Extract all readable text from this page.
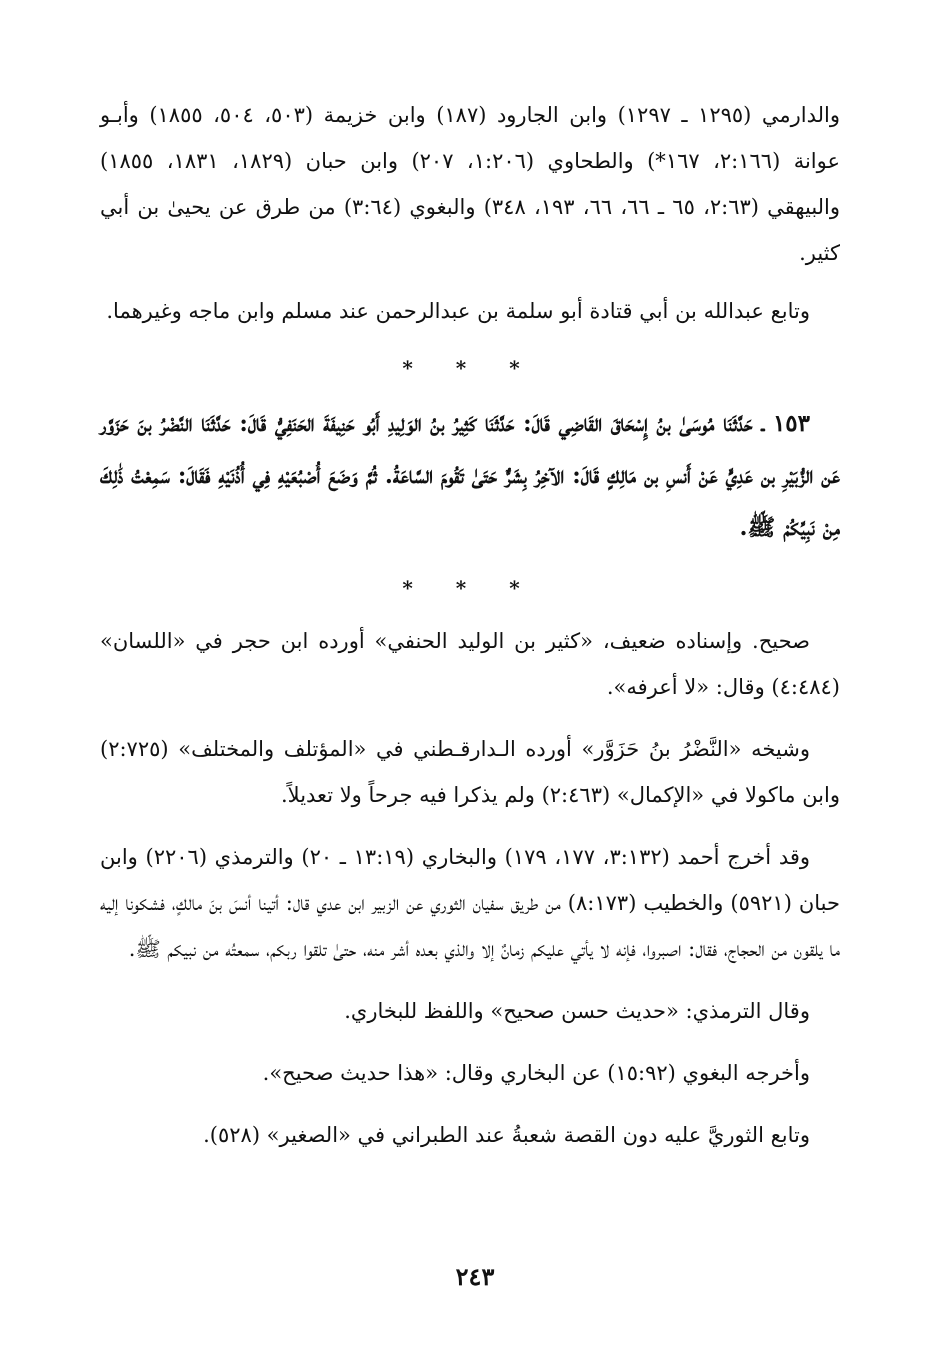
والدارمي (١٢٩٥ ـ ١٢٩٧) وابن الجارود (١٨٧) وابن خزيمة (٥٠٣، ٥٠٤، ١٨٥٥) وأبـو عوانة (٢:١٦٦، ١٦٧*) والطحاوي (١:٢٠٦، ٢٠٧) وابن حبان (١٨٢٩، ١٨٣١، ١٨٥٥) والبيهقي (٢:٦٣، ٦٥ ـ ٦٦، ٦٦، ١٩٣، ٣٤٨) والبغوي (٣:٦٤) من طرق عن يحيىٰ بن أبي كثير.

وتابع عبدالله بن أبي قتادة أبو سلمة بن عبدالرحمن عند مسلم وابن ماجه وغيرهما.

* * *

١٥٣ ـ حَدَّثَنَا مُوسَىٰ بنُ إِسْحَاقَ القَاضِي قَالَ: حَدَّثَنَا كَثِيرُ بنُ الوَلِيدِ أَبُو حَنِيفَةَ الحَنَفِيُّ قَالَ: حَدَّثَنَا النَّضْرُ بنَ حَزَوَّر عَن الزُّبَيْرِ بن عَدِيٍّ عَنْ أَنسِ بن مَالِكٍ قَالَ: الآخِرُ بِشَرٌّ حَتَىٰ تَقُومَ السَّاعَةُ. ثُمَّ وَضَعَ أُصْبُعَيْهِ فِي أُذُنَيْهِ فَقَالَ: سَمِعْتُ ذَٰلِكَ مِنْ نَبِيِّكُمْ ﷺ.

* * *

صحيح. وإسناده ضعيف، «كثير بن الوليد الحنفي» أورده ابن حجر في «اللسان» (٤:٤٨٤) وقال: «لا أعرفه».

وشيخه «النَّضْرُ بنُ حَزَوَّر» أورده الـدارقـطني في «المؤتلف والمختلف» (٢:٧٢٥) وابن ماكولا في «الإكمال» (٢:٤٦٣) ولم يذكرا فيه جرحاً ولا تعديلاً.

وقد أخرج أحمد (٣:١٣٢، ١٧٧، ١٧٩) والبخاري (١٣:١٩ ـ ٢٠) والترمذي (٢٢٠٦) وابن حبان (٥٩٢١) والخطيب (٨:١٧٣) من طريق سفيان الثوري عن الزبير ابن عدي قال: أتينا أنسَ بنَ مالكٍ، فشكونا إليه ما يلقون من الحجاج، فقال: اصبروا، فإنه لا يأتي عليكم زمانٌ إلا والذي بعده أشر منه، حتىٰ تلقوا ربكم، سمعتُه من نبيكم ﷺ.

وقال الترمذي: «حديث حسن صحيح» واللفظ للبخاري.

وأخرجه البغوي (١٥:٩٢) عن البخاري وقال: «هذا حديث صحيح».

وتابع الثوريَّ عليه دون القصة شعبةُ عند الطبراني في «الصغير» (٥٢٨).

٢٤٣
